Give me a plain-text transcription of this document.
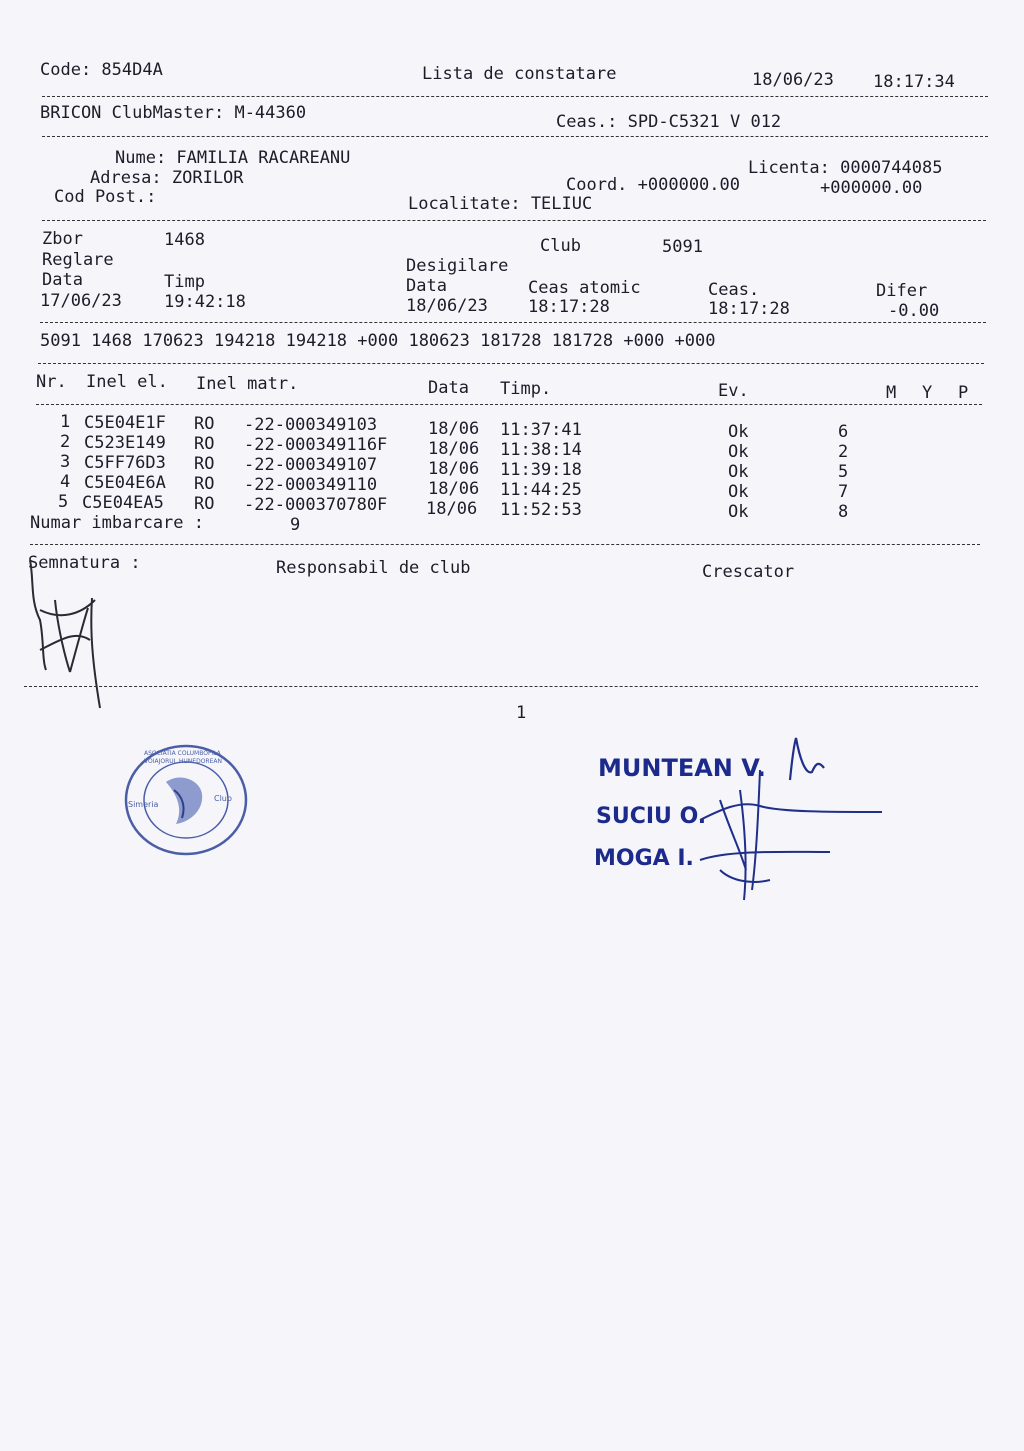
Code: 854D4A	Lista de constatare	18/06/23 18:17:34
BRICON ClubMaster: M-44360	Ceas.: SPD-C5321 V 012
Nume: FAMILIA RACAREANU	Licenta: 0000744085
Adresa: ZORILOR	Coord. +000000.00	+000000.00
Cod Post.:	Localitate: TELIUC
Zbor	1468	Club	5091
Reglare	Desigilare
Data	Timp	Data	Ceas atomic	Ceas.	Difer
17/06/23 19:42:18	18/06/23 18:17:28	18:17:28	-0.00
5091 1468 170623 194218 194218 +000 180623 181728 181728 +000 +000
Nr. Inel el. Inel matr.	Data Timp.	Ev.	M Y P
1 C5E04E1F RO -22-000349103	18/06 11:37:41	Ok	6
2 C523E149 RO -22-000349116F 18/06 11:38:14	Ok	2
3 C5FF76D3 RO -22-000349107	18/06 11:39:18	Ok	5
4 C5E04E6A RO -22-000349110	18/06 11:44:25	Ok	7
5 C5E04EA5 RO -22-000370780F 18/06 11:52:53	Ok	8
Numar imbarcare :	9
Semnatura :	Responsabil de club	Crescator
1
ASOCIATIA COLUMBOFILA VOIAJORUL HUNEDOREAN
Club
Simeria
MUNTEAN V.
SUCIU O.
MOGA I.
